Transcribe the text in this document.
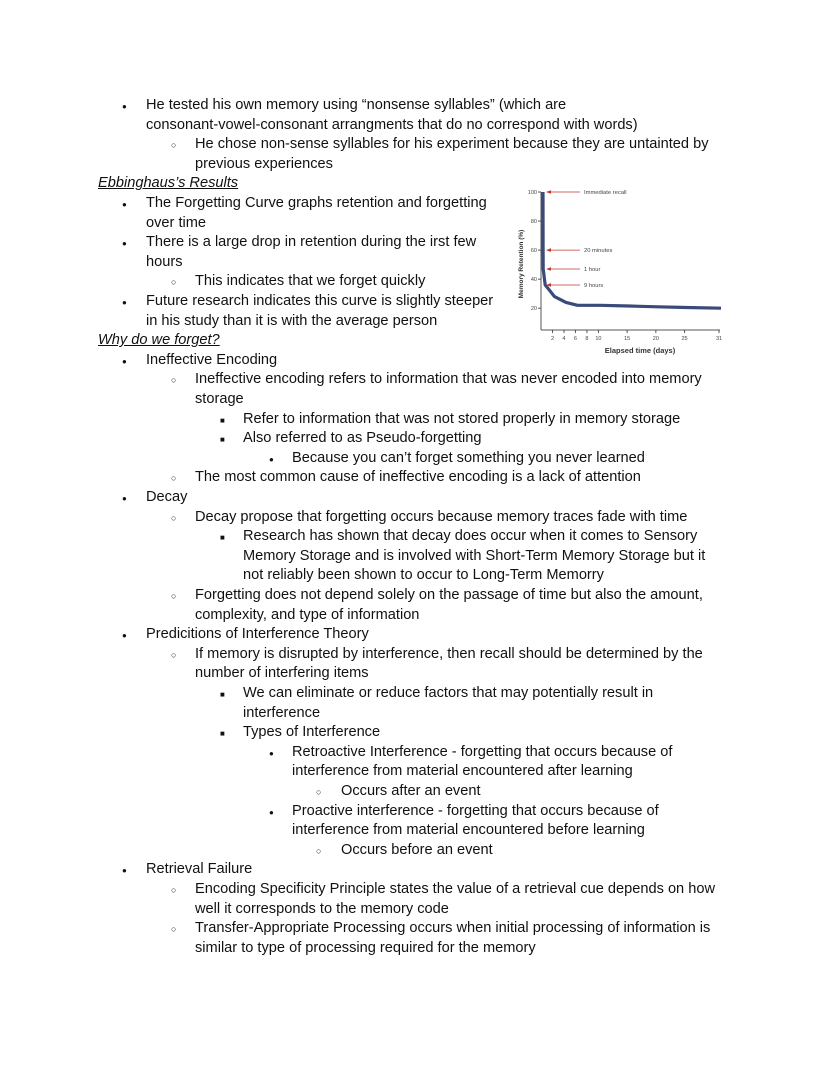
●
He tested his own memory using “nonsense syllables” (which are
consonant-vowel-consonant arrangments that do no correspond with words)
○
He chose non-sense syllables for his experiment because they are untainted by
previous experiences
Ebbinghaus’s Results
●
The Forgetting Curve graphs retention and forgetting
over time
●
There is a large drop in retention during the irst few
hours
○
This indicates that we forget quickly
●
Future research indicates this curve is slightly steeper
in his study than it is with the average person
Why do we forget?
●
Ineffective Encoding
○
Ineffective encoding refers to information that was never encoded into memory
storage
■
Refer to information that was not stored properly in memory storage
■
Also referred to as Pseudo-forgetting
●
Because you can’t forget something you never learned
○
The most common cause of ineffective encoding is a lack of attention
●
Decay
○
Decay propose that forgetting occurs because memory traces fade with time
■
Research has shown that decay does occur when it comes to Sensory
Memory Storage and is involved with Short-Term Memory Storage but it
not reliably been shown to occur to Long-Term Memorry
○
Forgetting does not depend solely on the passage of time but also the amount,
complexity, and type of information
●
Predicitions of Interference Theory
○
If memory is disrupted by interference, then recall should be determined by the
number of interfering items
■
We can eliminate or reduce factors that may potentially result in
interference
■
Types of Interference
●
Retroactive Interference - forgetting that occurs because of
interference from material encountered after learning
○
Occurs after an event
●
Proactive interference - forgetting that occurs because of
interference from material encountered before learning
○
Occurs before an event
●
Retrieval Failure
○
Encoding Specificity Principle states the value of a retrieval cue depends on how
well it corresponds to the memory code
○
Transfer-Appropriate Processing occurs when initial processing of information is
similar to type of processing required for the memory
20
40
60
80
100
2 4 6 8 10	15	20	25	31
Memory Retention (%)
Elapsed time (days)
Immediate recall
20 minutes
1 hour
9 hours
